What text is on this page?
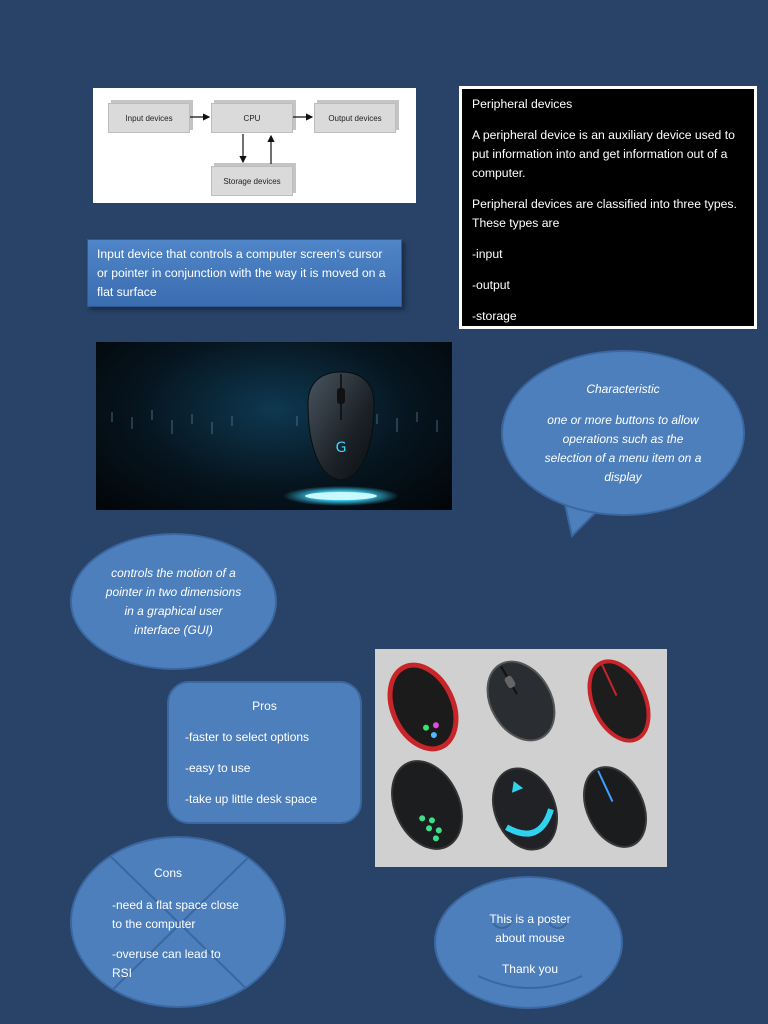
Input devices	CPU	Output devices
Storage devices

Peripheral devices

A peripheral device is an auxiliary device used to put information into and get information out of a computer.

Peripheral devices are classified into three types. These types are

-input

-output

-storage

Input device that controls a computer screen's cursor or pointer in conjunction with the way it is moved on a flat surface
G
Characteristic
one or more buttons to allow operations such as the selection of a menu item on a display
controls the motion of a pointer in two dimensions in a graphical user interface (GUI)
Pros
-faster to select options
-easy to use
-take up little desk space
Cons
-need a flat space close to the computer
-overuse can lead to RSI
This is a poster about mouse
Thank you
